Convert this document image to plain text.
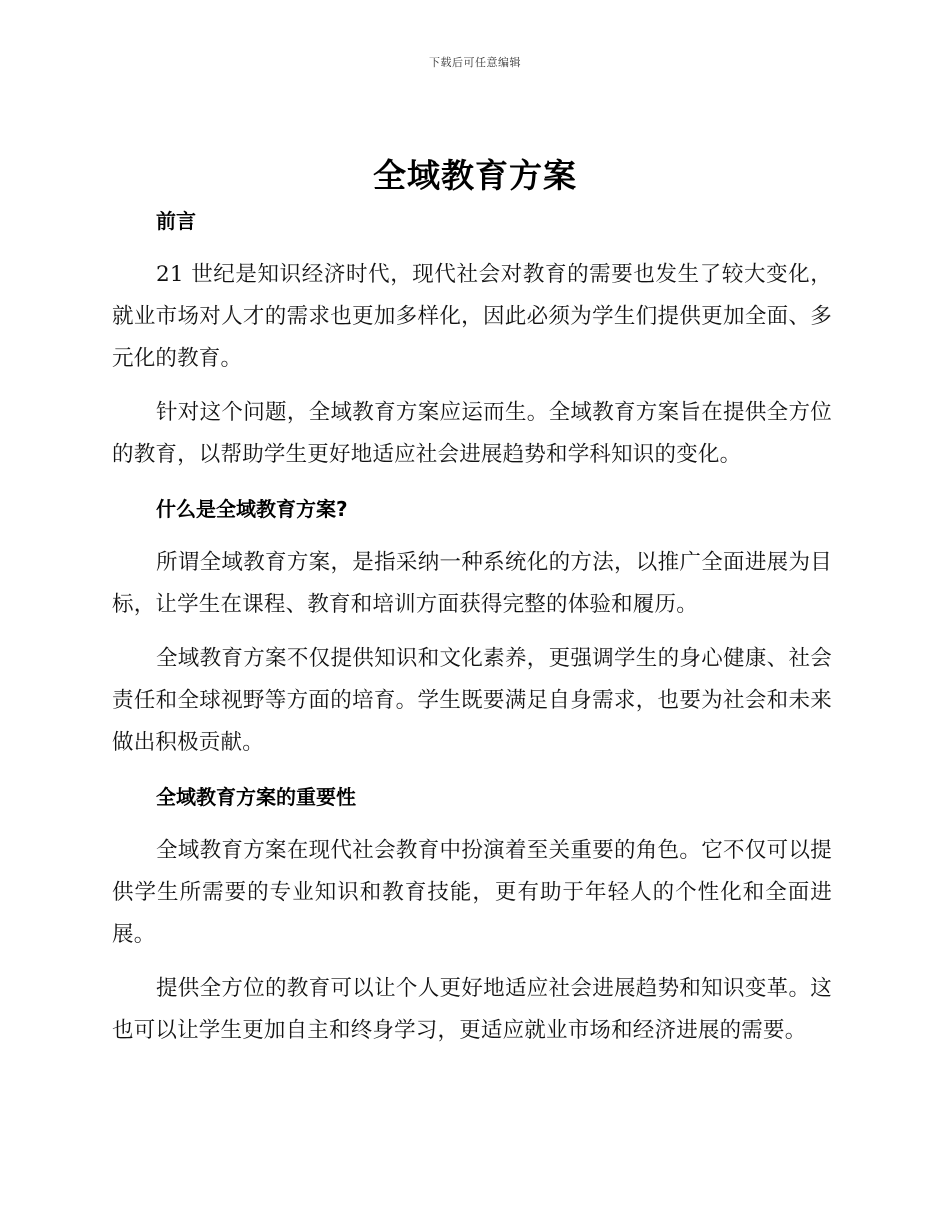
下载后可任意编辑
全域教育方案
前言

21 世纪是知识经济时代，现代社会对教育的需要也发生了较大变化，就业市场对人才的需求也更加多样化，因此必须为学生们提供更加全面、多元化的教育。

针对这个问题，全域教育方案应运而生。全域教育方案旨在提供全方位的教育，以帮助学生更好地适应社会进展趋势和学科知识的变化。

什么是全域教育方案?

所谓全域教育方案，是指采纳一种系统化的方法，以推广全面进展为目标，让学生在课程、教育和培训方面获得完整的体验和履历。

全域教育方案不仅提供知识和文化素养，更强调学生的身心健康、社会责任和全球视野等方面的培育。学生既要满足自身需求，也要为社会和未来做出积极贡献。

全域教育方案的重要性

全域教育方案在现代社会教育中扮演着至关重要的角色。它不仅可以提供学生所需要的专业知识和教育技能，更有助于年轻人的个性化和全面进展。

提供全方位的教育可以让个人更好地适应社会进展趋势和知识变革。这也可以让学生更加自主和终身学习，更适应就业市场和经济进展的需要。
